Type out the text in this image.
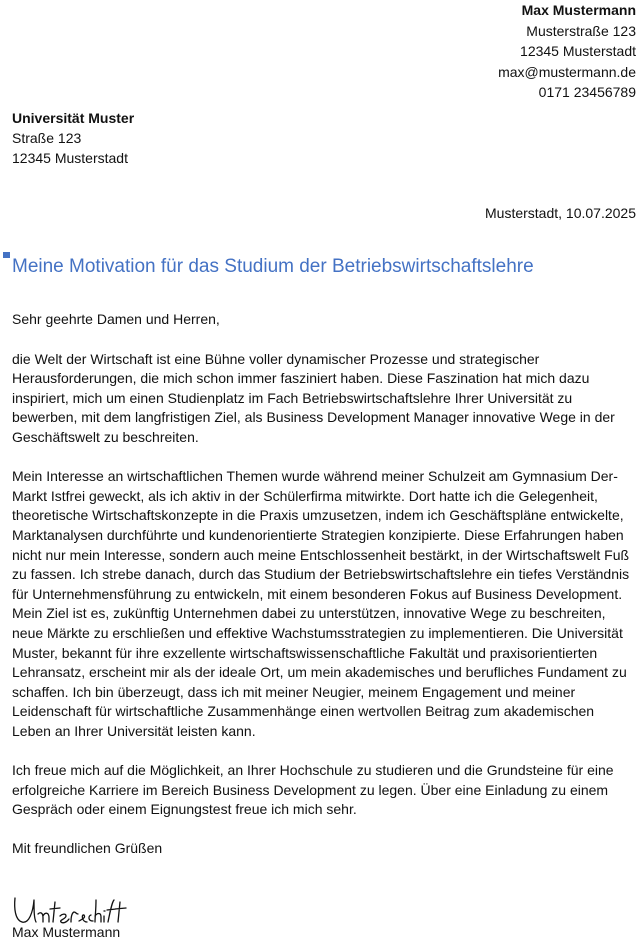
Max Mustermann
Musterstraße 123
12345 Musterstadt
max@mustermann.de
0171 23456789
Universität Muster
Straße 123
12345 Musterstadt
Musterstadt, 10.07.2025
Meine Motivation für das Studium der Betriebswirtschaftslehre

Sehr geehrte Damen und Herren,

die Welt der Wirtschaft ist eine Bühne voller dynamischer Prozesse und strategischer Herausforderungen, die mich schon immer fasziniert haben. Diese Faszination hat mich dazu inspiriert, mich um einen Studienplatz im Fach Betriebswirtschaftslehre Ihrer Universität zu bewerben, mit dem langfristigen Ziel, als Business Development Manager innovative Wege in der Geschäftswelt zu beschreiten.

Mein Interesse an wirtschaftlichen Themen wurde während meiner Schulzeit am Gymnasium Der-Markt Istfrei geweckt, als ich aktiv in der Schülerfirma mitwirkte. Dort hatte ich die Gelegenheit, theoretische Wirtschaftskonzepte in die Praxis umzusetzen, indem ich Geschäftspläne entwickelte, Marktanalysen durchführte und kundenorientierte Strategien konzipierte. Diese Erfahrungen haben nicht nur mein Interesse, sondern auch meine Entschlossenheit bestärkt, in der Wirtschaftswelt Fuß zu fassen. Ich strebe danach, durch das Studium der Betriebswirtschaftslehre ein tiefes Verständnis für Unternehmensführung zu entwickeln, mit einem besonderen Fokus auf Business Development. Mein Ziel ist es, zukünftig Unternehmen dabei zu unterstützen, innovative Wege zu beschreiten, neue Märkte zu erschließen und effektive Wachstumsstrategien zu implementieren. Die Universität Muster, bekannt für ihre exzellente wirtschaftswissenschaftliche Fakultät und praxisorientierten Lehransatz, erscheint mir als der ideale Ort, um mein akademisches und berufliches Fundament zu schaffen. Ich bin überzeugt, dass ich mit meiner Neugier, meinem Engagement und meiner Leidenschaft für wirtschaftliche Zusammenhänge einen wertvollen Beitrag zum akademischen Leben an Ihrer Universität leisten kann.

Ich freue mich auf die Möglichkeit, an Ihrer Hochschule zu studieren und die Grundsteine für eine erfolgreiche Karriere im Bereich Business Development zu legen. Über eine Einladung zu einem Gespräch oder einem Eignungstest freue ich mich sehr.

Mit freundlichen Grüßen

Max Mustermann
